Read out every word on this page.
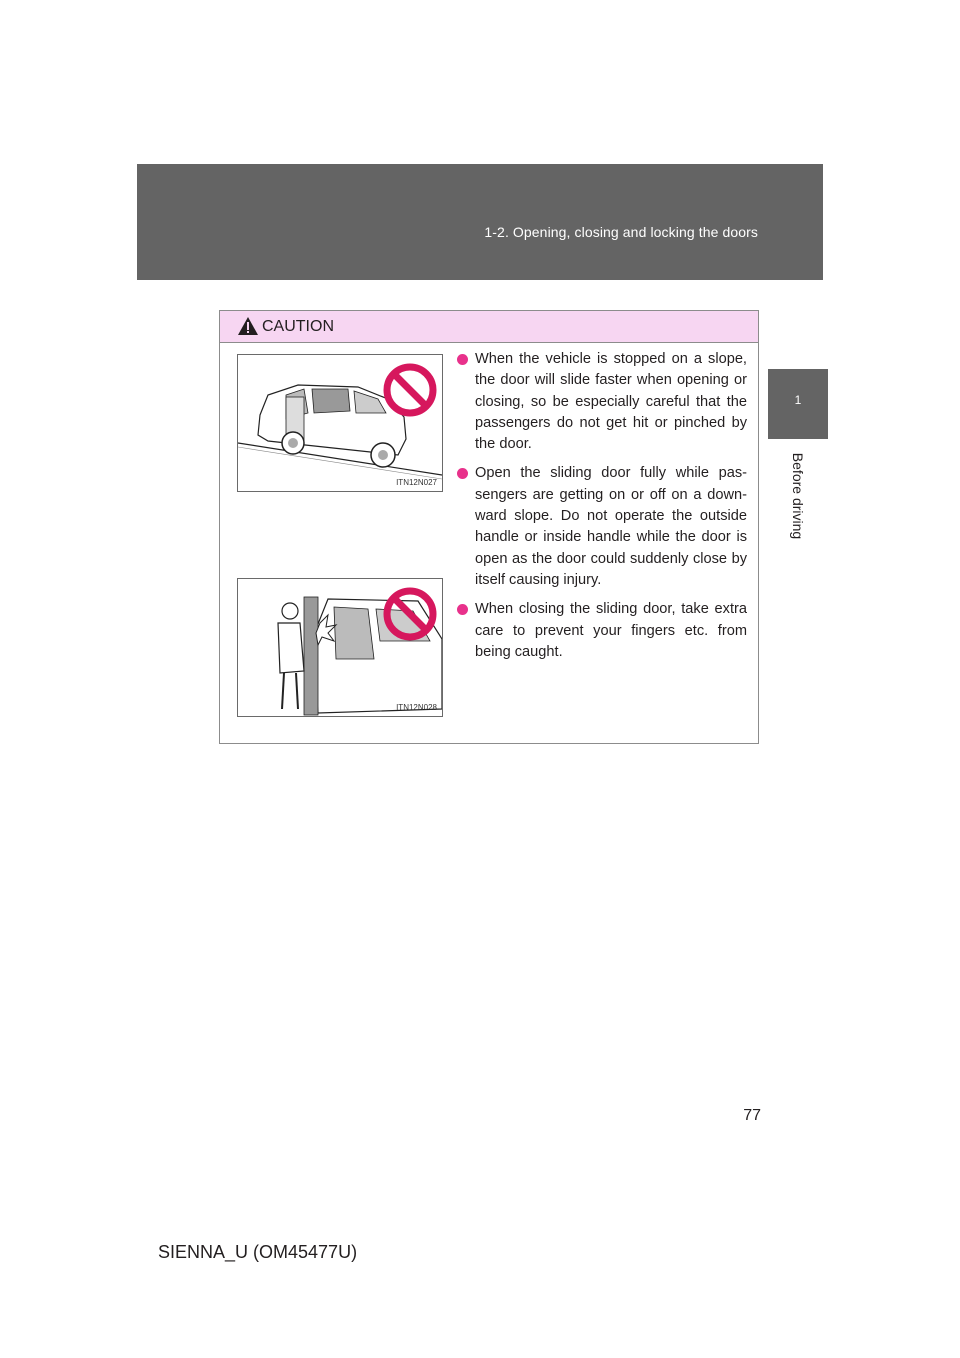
1-2. Opening, closing and locking the doors
1
Before driving
CAUTION
ITN12N027
ITN12N028
When the vehicle is stopped on a slope, the door will slide faster when opening or closing, so be especially careful that the passengers do not get hit or pinched by the door.
Open the sliding door fully while pas-sengers are getting on or off on a down-ward slope. Do not operate the outside handle or inside handle while the door is open as the door could suddenly close by itself causing injury.
When closing the sliding door, take extra care to prevent your fingers etc. from being caught.
77
SIENNA_U (OM45477U)
